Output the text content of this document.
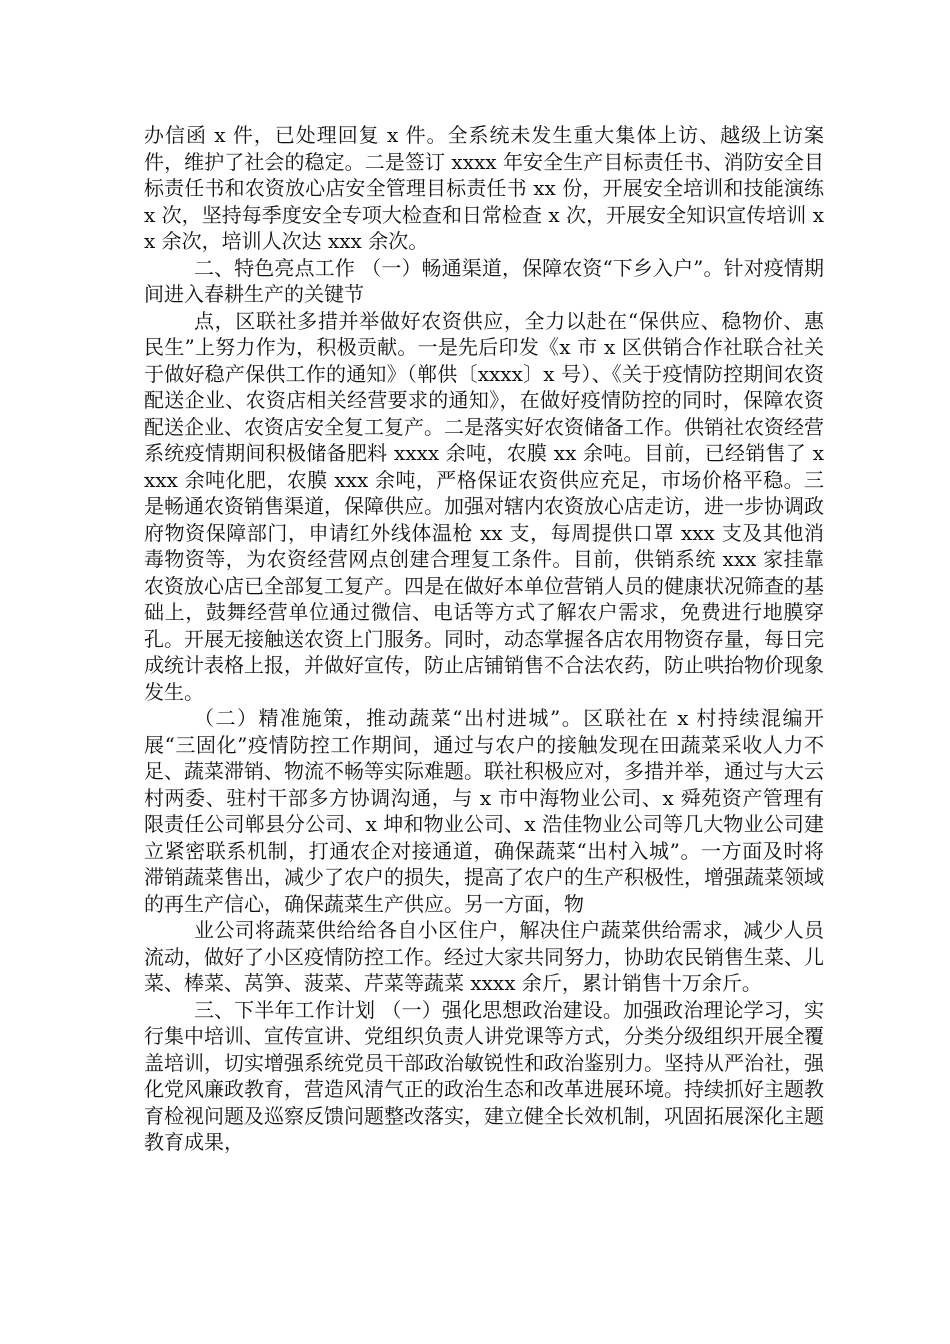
办信函 x 件，已处理回复 x 件。全系统未发生重大集体上访、越级上访案件，维护了社会的稳定。二是签订 xxxx 年安全生产目标责任书、消防安全目标责任书和农资放心店安全管理目标责任书 xx 份，开展安全培训和技能演练 x 次，坚持每季度安全专项大检查和日常检查 x 次，开展安全知识宣传培训 xx 余次，培训人次达 xxx 余次。

二、特色亮点工作 （一）畅通渠道，保障农资“下乡入户”。针对疫情期间进入春耕生产的关键节

点，区联社多措并举做好农资供应，全力以赴在“保供应、稳物价、惠民生”上努力作为，积极贡献。一是先后印发《x 市 x 区供销合作社联合社关于做好稳产保供工作的通知》（郸供〔xxxx〕x 号）、《关于疫情防控期间农资配送企业、农资店相关经营要求的通知》，在做好疫情防控的同时，保障农资配送企业、农资店安全复工复产。二是落实好农资储备工作。供销社农资经营系统疫情期间积极储备肥料 xxxx 余吨，农膜 xx 余吨。目前，已经销售了 xxxx 余吨化肥，农膜 xxx 余吨，严格保证农资供应充足，市场价格平稳。三是畅通农资销售渠道，保障供应。加强对辖内农资放心店走访，进一步协调政府物资保障部门，申请红外线体温枪 xx 支，每周提供口罩 xxx 支及其他消毒物资等，为农资经营网点创建合理复工条件。目前，供销系统 xxx 家挂靠农资放心店已全部复工复产。四是在做好本单位营销人员的健康状况筛查的基础上，鼓舞经营单位通过微信、电话等方式了解农户需求，免费进行地膜穿孔。开展无接触送农资上门服务。同时，动态掌握各店农用物资存量，每日完成统计表格上报，并做好宣传，防止店铺销售不合法农药，防止哄抬物价现象发生。

（二）精准施策，推动蔬菜“出村进城”。区联社在 x 村持续混编开展“三固化”疫情防控工作期间，通过与农户的接触发现在田蔬菜采收人力不足、蔬菜滞销、物流不畅等实际难题。联社积极应对，多措并举，通过与大云村两委、驻村干部多方协调沟通，与 x 市中海物业公司、x 舜苑资产管理有限责任公司郸县分公司、x 坤和物业公司、x 浩佳物业公司等几大物业公司建立紧密联系机制，打通农企对接通道，确保蔬菜“出村入城”。一方面及时将滞销蔬菜售出，减少了农户的损失，提高了农户的生产积极性，增强蔬菜领域的再生产信心，确保蔬菜生产供应。另一方面，物

业公司将蔬菜供给给各自小区住户，解决住户蔬菜供给需求，减少人员流动，做好了小区疫情防控工作。经过大家共同努力，协助农民销售生菜、儿菜、棒菜、莴笋、菠菜、芹菜等蔬菜 xxxx 余斤，累计销售十万余斤。

三、下半年工作计划 （一）强化思想政治建设。加强政治理论学习，实行集中培训、宣传宣讲、党组织负责人讲党课等方式，分类分级组织开展全覆盖培训，切实增强系统党员干部政治敏锐性和政治鉴别力。坚持从严治社，强化党风廉政教育，营造风清气正的政治生态和改革进展环境。持续抓好主题教育检视问题及巡察反馈问题整改落实，建立健全长效机制，巩固拓展深化主题教育成果，
